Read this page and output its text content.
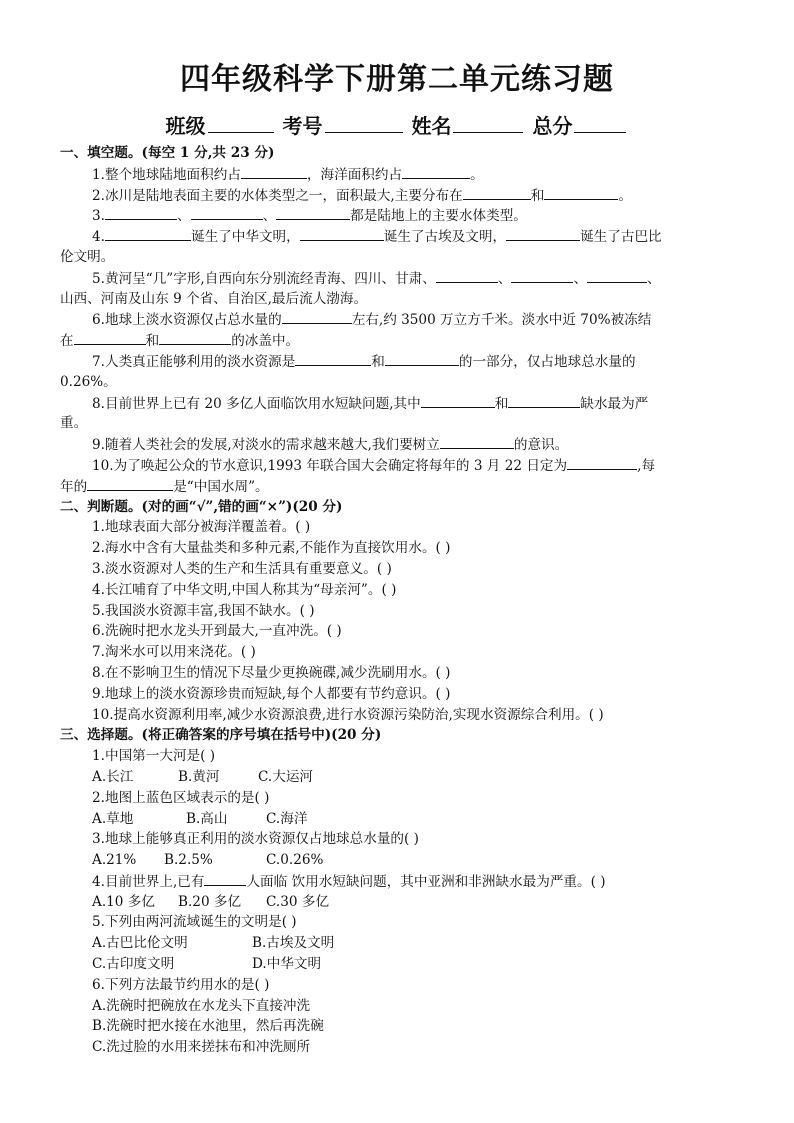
四年级科学下册第二单元练习题
班级	考号	姓名	总分
一、填空题。(每空 1 分,共 23 分)
1.整个地球陆地面积约占	，海洋面积约占	。
2.冰川是陆地表面主要的水体类型之一，面积最大,主要分布在	和	。
3.	、	、	都是陆地上的主要水体类型。
4.	诞生了中华文明，	诞生了古埃及文明，	诞生了古巴比
伦文明。
5.黄河呈“几”字形,自西向东分别流经青海、四川、甘肃、	、	、	、
山西、河南及山东 9 个省、自治区,最后流人渤海。
6.地球上淡水资源仅占总水量的	左右,约 3500 万立方千米。淡水中近 70%被冻结
在	和	的冰盖中。
7.人类真正能够利用的淡水资源是	和	的一部分，仅占地球总水量的
0.26%。
8.目前世界上已有 20 多亿人面临饮用水短缺问题,其中	和	缺水最为严
重。
9.随着人类社会的发展,对淡水的需求越来越大,我们要树立	的意识。
10.为了唤起公众的节水意识,1993 年联合国大会确定将每年的 3 月 22 日定为	,每
年的	是“中国水周”。
二、判断题。(对的画“√”,错的画“×”)(20 分)
1.地球表面大部分被海洋覆盖着。( )
2.海水中含有大量盐类和多种元素,不能作为直接饮用水。( )
3.淡水资源对人类的生产和生活具有重要意义。( )
4.长江哺育了中华文明,中国人称其为“母亲河”。( )
5.我国淡水资源丰富,我国不缺水。( )
6.洗碗时把水龙头开到最大,一直冲洗。( )
7.淘米水可以用来浇花。( )
8.在不影响卫生的情况下尽量少更换碗碟,减少洗刷用水。( )
9.地球上的淡水资源珍贵而短缺,每个人都要有节约意识。( )
10.提高水资源利用率,减少水资源浪费,进行水资源污染防治,实现水资源综合利用。( )
三、选择题。(将正确答案的序号填在括号中)(20 分)
1.中国第一大河是( )
A.长江	B.黄河	C.大运河
2.地图上蓝色区域表示的是( )
A.草地	B.高山	C.海洋
3.地球上能够真正利用的淡水资源仅占地球总水量的( )
A.21% B.2.5%	C.0.26%
4.目前世界上,已有	人面临 饮用水短缺问题，其中亚洲和非洲缺水最为严重。( )
A.10 多亿 B.20 多亿 C.30 多亿
5.下列由两河流域诞生的文明是( )
A.古巴比伦文明	B.古埃及文明
C.古印度文明	D.中华文明
6.下列方法最节约用水的是( )
A.洗碗时把碗放在水龙头下直接冲洗
B.洗碗时把水接在水池里，然后再洗碗
C.洗过脸的水用来搓抹布和冲洗厕所
